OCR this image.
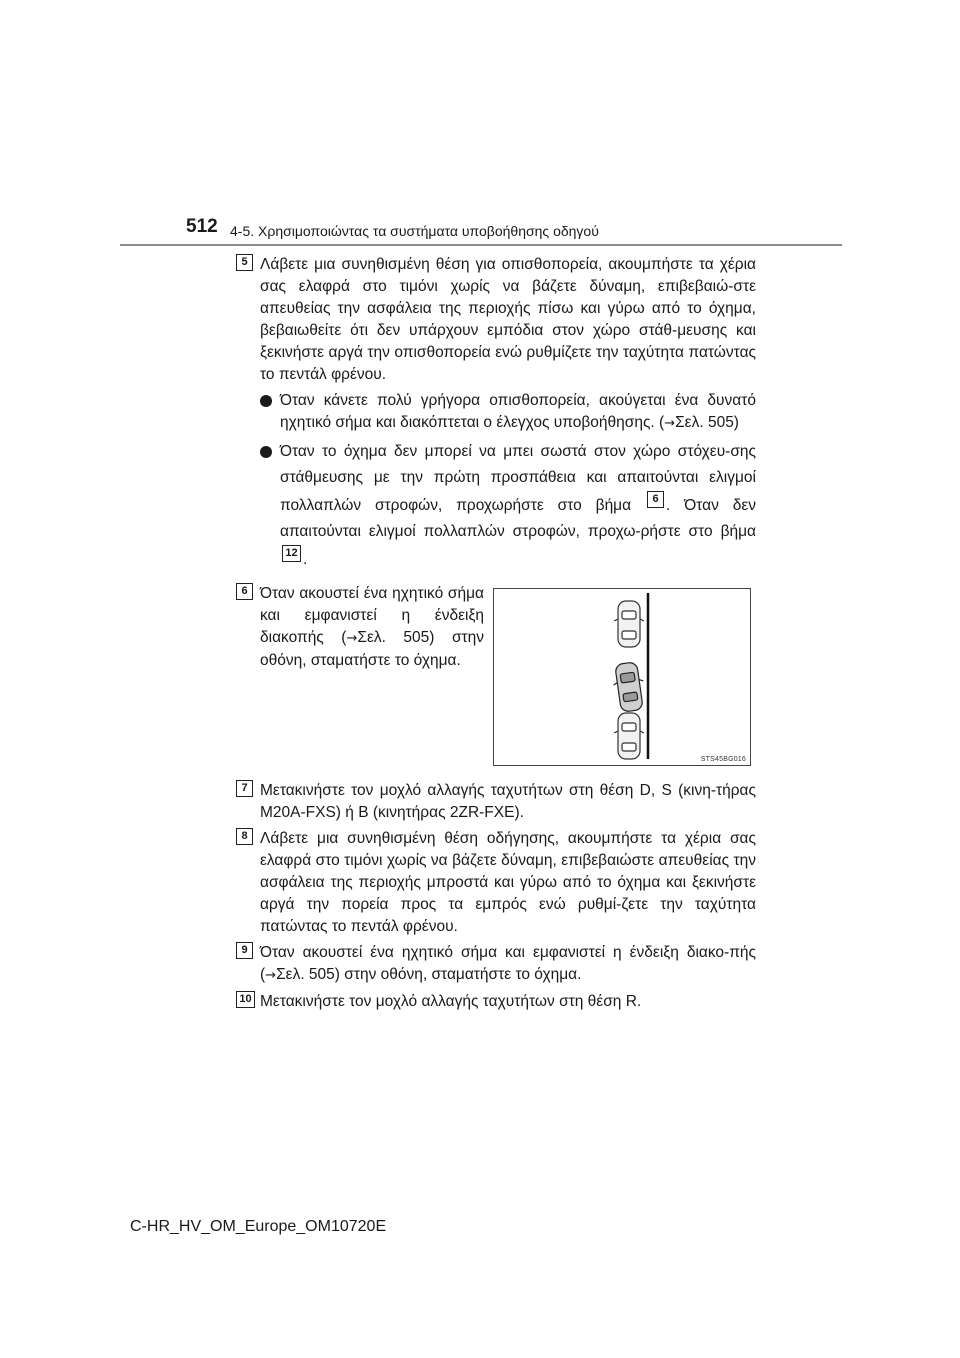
512 4-5. Χρησιμοποιώντας τα συστήματα υποβοήθησης οδηγού
5 Λάβετε μια συνηθισμένη θέση για οπισθοπορεία, ακουμπήστε τα χέρια σας ελαφρά στο τιμόνι χωρίς να βάζετε δύναμη, επιβεβαιώ-στε απευθείας την ασφάλεια της περιοχής πίσω και γύρω από το όχημα, βεβαιωθείτε ότι δεν υπάρχουν εμπόδια στον χώρο στάθ-μευσης και ξεκινήστε αργά την οπισθοπορεία ενώ ρυθμίζετε την ταχύτητα πατώντας το πεντάλ φρένου.
Όταν κάνετε πολύ γρήγορα οπισθοπορεία, ακούγεται ένα δυνατό ηχητικό σήμα και διακόπτεται ο έλεγχος υποβοήθησης. (→Σελ. 505)
Όταν το όχημα δεν μπορεί να μπει σωστά στον χώρο στόχευ-σης στάθμευσης με την πρώτη προσπάθεια και απαιτούνται ελιγμοί πολλαπλών στροφών, προχωρήστε στο βήμα 6 . Όταν δεν απαιτούνται ελιγμοί πολλαπλών στροφών, προχω-ρήστε στο βήμα 12 .
6 Όταν ακουστεί ένα ηχητικό σήμα και εμφανιστεί η ένδειξη διακοπής (→Σελ. 505) στην οθόνη, σταματήστε το όχημα.
STS45BG016
7 Μετακινήστε τον μοχλό αλλαγής ταχυτήτων στη θέση D, S (κινη-τήρας M20A-FXS) ή B (κινητήρας 2ZR-FXE).
8 Λάβετε μια συνηθισμένη θέση οδήγησης, ακουμπήστε τα χέρια σας ελαφρά στο τιμόνι χωρίς να βάζετε δύναμη, επιβεβαιώστε απευθείας την ασφάλεια της περιοχής μπροστά και γύρω από το όχημα και ξεκινήστε αργά την πορεία προς τα εμπρός ενώ ρυθμί-ζετε την ταχύτητα πατώντας το πεντάλ φρένου.
9 Όταν ακουστεί ένα ηχητικό σήμα και εμφανιστεί η ένδειξη διακο-πής (→Σελ. 505) στην οθόνη, σταματήστε το όχημα.
10 Μετακινήστε τον μοχλό αλλαγής ταχυτήτων στη θέση R.
C-HR_HV_OM_Europe_OM10720E
